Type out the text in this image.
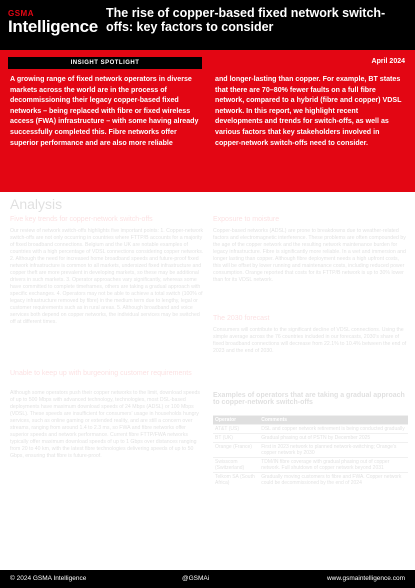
GSMA
Intelligence
The rise of copper-based fixed network switch-offs: key factors to consider
INSIGHT SPOTLIGHT	April 2024
A growing range of fixed network operators in diverse markets across the world are in the process of decommissioning their legacy copper-based fixed networks – being replaced with fibre or fixed wireless access (FWA) infrastructure – with some having already successfully completed this. Fibre networks offer superior performance and are also more reliable
and longer-lasting than copper. For example, BT states that there are 70–80% fewer faults on a full fibre network, compared to a hybrid (fibre and copper) VDSL network. In this report, we highlight recent developments and trends for switch-offs, as well as various factors that key stakeholders involved in copper-network switch-offs need to consider.
Analysis
Five key trends for copper-network switch-offs
Our review of network switch-offs highlights five important points: 1. Copper-network switch-offs are not only occurring in countries where FTTP/B accounts for a majority of fixed broadband connections. Belgium and the UK are notable examples of countries with a high percentage of VDSL connections considering copper networks. 2. Although the need for increased home broadband speeds and future-proof fixed network infrastructure is common to all markets, undersized fixed infrastructure and copper theft are more prevalent in developing markets, so these may be additional drivers in such markets. 3. Operator approaches vary significantly, whereas some have committed to complete timeframes, others are taking a gradual approach with specific exchanges. 4. Operators may not be able to achieve a total switch (100% of legacy infrastructure removed by fibre) in the medium term due to lengthy, legal or customer requirements such as in rural areas. 5. Although broadband and voice services both depend on copper networks, the individual services may be switched off at different times.
Unable to keep up with burgeoning customer requirements
Although some operators push their copper networks to the limit, download speeds of up to 500 Mbps with advanced technology, technologies, most DSL-based deployments have maximum download speeds of 24 Mbps (ADSL) or 100 Mbps (VDSL). These speeds are insufficient for consumers' usage in households hungry services, such as online gaming or extended reality, and are still a concern over streams, ranging from around 1.4 to 2.3 ms, so FWA and fibre networks offer superior speeds and network performance. Current fibre FTTP/FWA networks typically offer maximum download speeds of up to 1 Gbps over distances ranging from 20 to 40 km, with the latest fibre technologies delivering speeds of up to 50 Gbps, ensuring that fibre is future-proof.
Exposure to moisture
Copper-based networks (ADSL) are prone to breakdowns due to weather-related factors and electromagnetic interference. These problems are often compounded by the age of the copper network and the resulting network maintenance burden for legacy infrastructure. Fibre is significantly more reliable. In a wet and immersion and longer lasting than copper. Although fibre deployment needs a high upfront costs, this will be offset by lower running and maintenance costs, including reduced power consumption. Orange reported that costs for its FTTP/B network is up to 30% lower than for its VDSL network.
The 2030 forecast
Consumers will contribute to the significant decline of VDSL connections. Using the simple average across the 76 countries included in our forecasts, 2030's share of fixed broadband connections will decrease from 22.1% to 10.4% between the end of 2023 and the end of 2030.
Examples of operators that are taking a gradual approach to copper-network switch-offs
Operator	Comments
AT&T (US)	DSL and copper network retirement is being conducted gradually
BT (UK)	Gradual phasing out of PSTN by December 2025
Orange (France)	First in 2023 network to planned network-switching; Orange's copper network by 2030
Swisscom (Switzerland)	TDM/IN fibre coverage with gradual phasing out of copper network. Full shutdown of copper network beyond 2031
Telkom SA (South Africa)	Gradually moving customers to fibre and FWA. Copper network could be decommissioned by the end of 2024
© 2024 GSMA Intelligence	@GSMAi	www.gsmaintelligence.com
